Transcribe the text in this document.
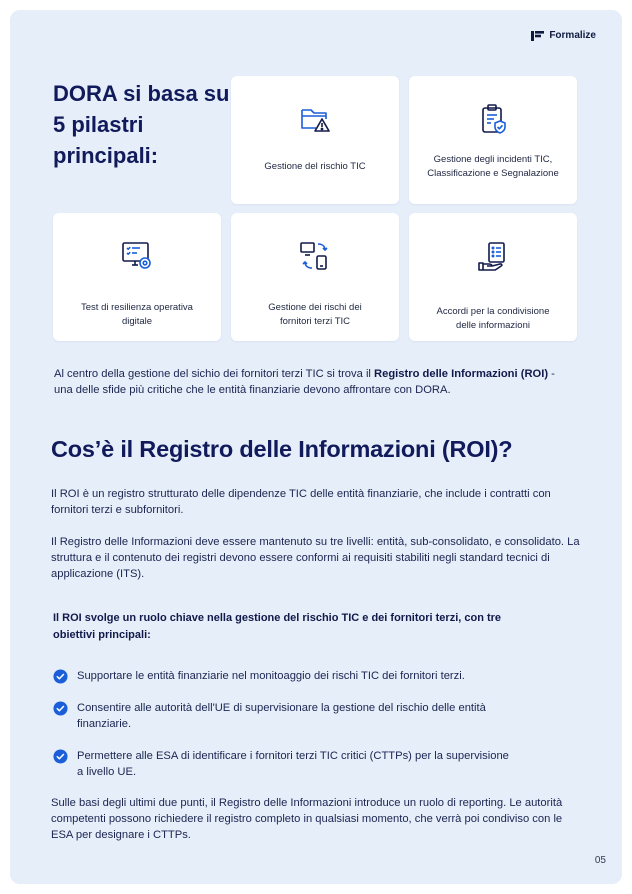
Formalize
DORA si basa su 5 pilastri principali:	Gestione del rischio TIC
Gestione degli incidenti TIC, Classificazione e Segnalazione
Test di resilienza operativa digitale
Gestione dei rischi dei fornitori terzi TIC
Accordi per la condivisione delle informazioni

Al centro della gestione del sichio dei fornitori terzi TIC si trova il Registro delle Informazioni (ROI) - una delle sfide più critiche che le entità finanziarie devono affrontare con DORA.

Cos’è il Registro delle Informazioni (ROI)?

Il ROI è un registro strutturato delle dipendenze TIC delle entità finanziarie, che include i contratti con fornitori terzi e subfornitori.

Il Registro delle Informazioni deve essere mantenuto su tre livelli: entità, sub-consolidato, e consolidato. La struttura e il contenuto dei registri devono essere conformi ai requisiti stabiliti negli standard tecnici di applicazione (ITS).

Il ROI svolge un ruolo chiave nella gestione del rischio TIC e dei fornitori terzi, con tre obiettivi principali:

Supportare le entità finanziarie nel monitoaggio dei rischi TIC dei fornitori terzi.
Consentire alle autorità dell'UE di supervisionare la gestione del rischio delle entità finanziarie.
Permettere alle ESA di identificare i fornitori terzi TIC critici (CTTPs) per la supervisione a livello UE.

Sulle basi degli ultimi due punti, il Registro delle Informazioni introduce un ruolo di reporting. Le autorità competenti possono richiedere il registro completo in qualsiasi momento, che verrà poi condiviso con le ESA per designare i CTTPs.

05
